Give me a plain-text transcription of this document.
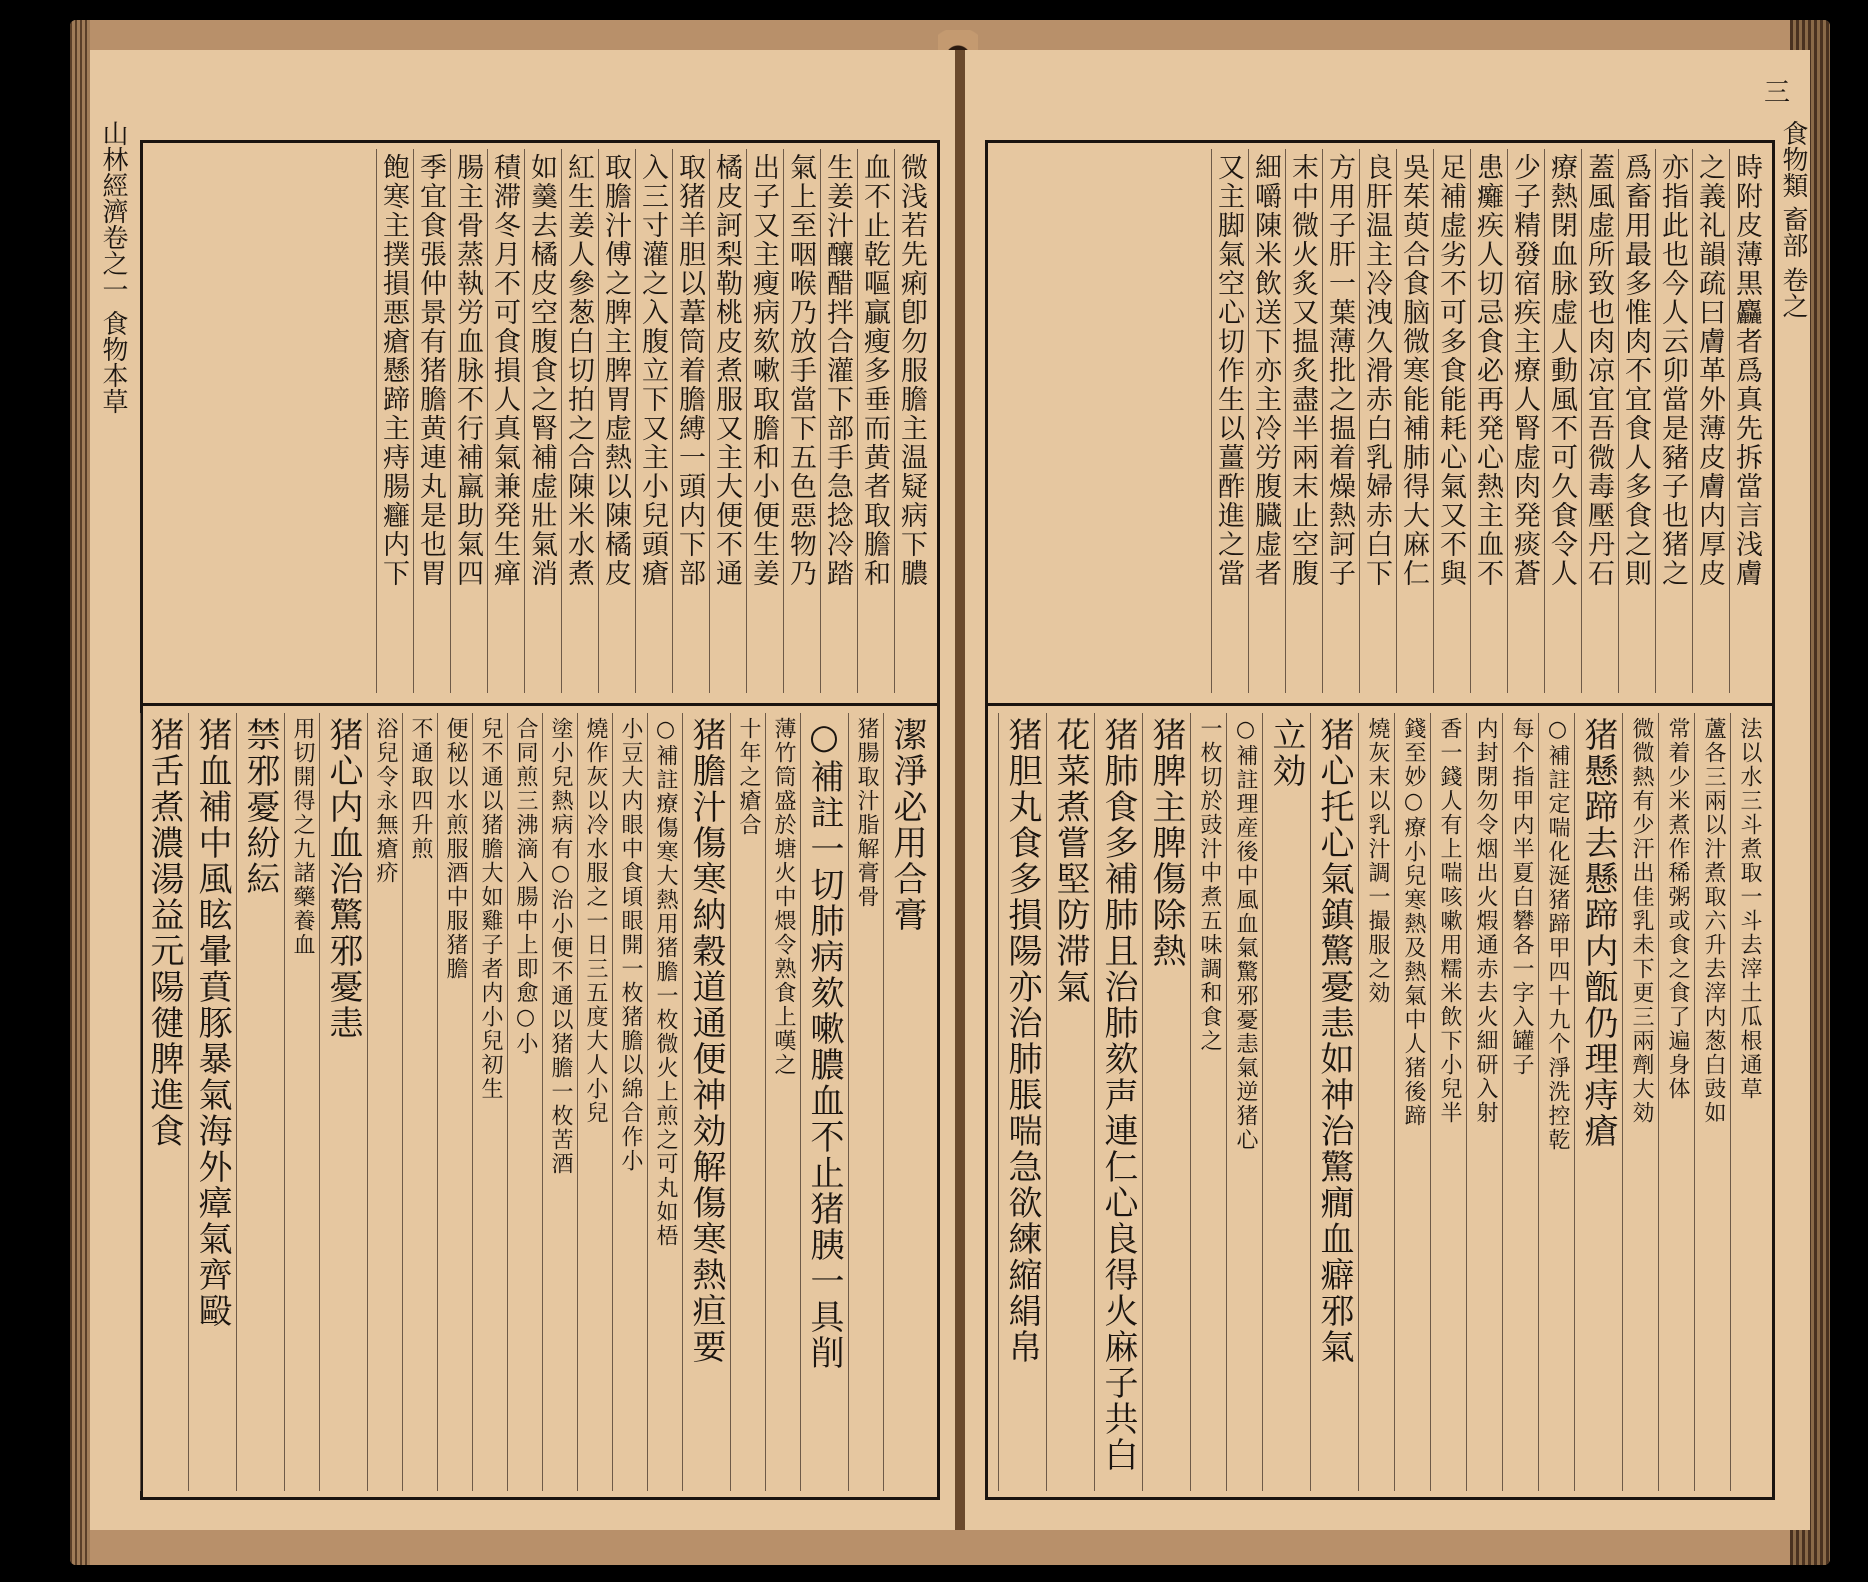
山林經濟卷之一 食物本草	微浅若先痢卽勿服膽主温疑病下膿
血不止乾嘔贏瘦多垂而黄者取膽和
生姜汁釀醋拌合灌下部手急捻冷踏
氣上至咽喉乃放手當下五色惡物乃
出子又主瘦病欬嗽取膽和小便生姜
橘皮訶梨勒桃皮煮服又主大便不通
取猪羊胆以葦筒着膽縛一頭内下部
入三寸灌之入腹立下又主小兒頭瘡
取膽汁傅之脾主脾胃虚熱以陳橘皮
紅生姜人參葱白切拍之合陳米水煮
如羹去橘皮空腹食之腎補虚壯氣消
積滞冬月不可食損人真氣兼発生瘅
腸主骨蒸執労血脉不行補羸助氣四
季宜食張仲景有猪膽黄連丸是也胃
飽寒主撲損悪瘡懸蹄主痔腸癰内下
潔淨必用合膏
猪腸取汁脂解膏骨
○補註一切肺病欬嗽膿血不止猪胰一具削
薄竹筒盛於塘火中煨令熟食上嘆之
十年之瘡合
猪膽汁傷寒納穀道通便神効解傷寒熱疸要
○補註療傷寒大熱用猪膽一枚微火上煎之可丸如梧
小豆大内眼中食頃眼開一枚猪膽以綿合作小
燒作灰以冷水服之一日三五度大人小兒
塗小兒熱病有○治小便不通以猪膽一枚苦酒
合同煎三沸滴入腸中上即愈○小
兒不通以猪膽大如雞子者内小兒初生
便秘以水煎服酒中服猪膽
不通取四升煎
浴兒令永無瘡疥
猪心内血治驚邪憂恚
用切開得之九諸藥養血
禁邪憂紛紜
猪血補中風眩暈賁豚暴氣海外瘴氣齊毆
猪舌煮濃湯益元陽徤脾進食
三
食物類 畜部 卷之
時附皮薄黒麤者爲真先拆當言浅膚
之義礼韻疏曰膚革外薄皮膚内厚皮
亦指此也今人云卯當是豬子也猪之
爲畜用最多惟肉不宜食人多食之則
蓋風虚所致也肉凉宜吾微毒壓丹石
療熱閉血脉虚人動風不可久食令人
少子精發宿疾主療人腎虚肉発痰蒼
患癱疾人切忌食必再発心熱主血不
足補虚劣不可多食能耗心氣又不與
吳茱萸合食脑微寒能補肺得大麻仁
良肝温主冷洩久滑赤白乳婦赤白下
方用子肝一葉薄批之揾着燥熱訶子
末中微火炙又揾炙盡半兩末止空腹
細嚼陳米飲送下亦主冷労腹臓虚者
又主脚氣空心切作生以薑酢進之當
法以水三斗煮取一斗去滓土瓜根通草
蘆各三兩以汁煮取六升去滓内葱白豉如
常着少米煮作稀粥或食之食了遍身体
微微熱有少汗出佳乳未下更三兩劑大効
猪懸蹄去懸蹄内甑仍理痔瘡
○補註定喘化涎猪蹄甲四十九个淨洗控乾
每个指甲内半夏白礬各一字入罐子
内封閉勿令烟出火煆通赤去火細研入射
香一錢人有上喘咳嗽用糯米飲下小兒半
錢至妙○療小兒寒熱及熱氣中人猪後蹄
燒灰末以乳汁調一撮服之効
猪心托心氣鎮驚憂恚如神治驚癇血癖邪氣
立効
○補註理産後中風血氣驚邪憂恚氣逆猪心
一枚切於豉汁中煮五味調和食之
猪脾主脾傷除熱
猪肺食多補肺且治肺欬声連仁心良得火麻子共白
花菜煮嘗堅防滞氣
猪胆丸食多損陽亦治肺脹喘急欲練縮絹帛
